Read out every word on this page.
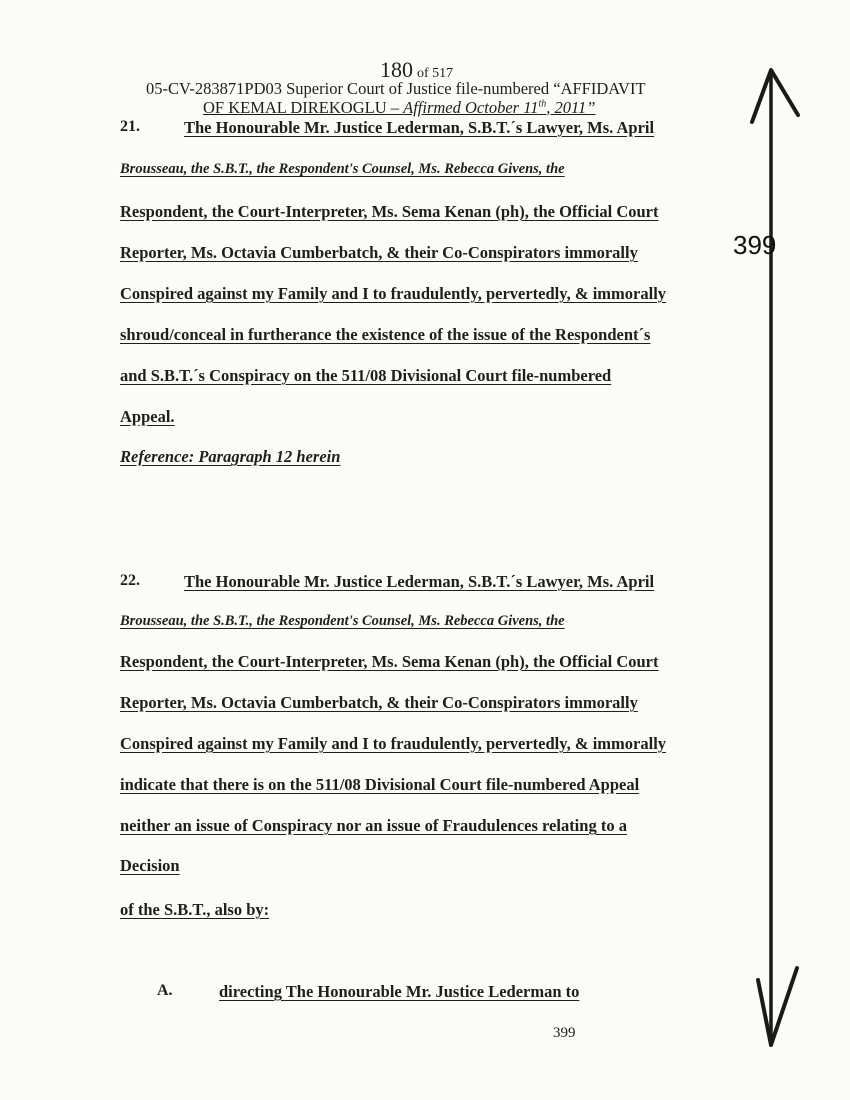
180 of 517
05-CV-283871PD03 Superior Court of Justice file-numbered “AFFIDAVIT
OF KEMAL DIREKOGLU – Affirmed October 11th, 2011”
21.	The Honourable Mr. Justice Lederman, S.B.T.´s Lawyer, Ms. April
Brousseau, the S.B.T., the Respondent's Counsel, Ms. Rebecca Givens, the
Respondent, the Court-Interpreter, Ms. Sema Kenan (ph), the Official Court
Reporter, Ms. Octavia Cumberbatch, & their Co-Conspirators immorally
Conspired against my Family and I to fraudulently, pervertedly, & immorally
shroud/conceal in furtherance the existence of the issue of the Respondent´s
and S.B.T.´s Conspiracy on the 511/08 Divisional Court file-numbered
Appeal.
Reference: Paragraph 12 herein
22.	The Honourable Mr. Justice Lederman, S.B.T.´s Lawyer, Ms. April
Brousseau, the S.B.T., the Respondent's Counsel, Ms. Rebecca Givens, the
Respondent, the Court-Interpreter, Ms. Sema Kenan (ph), the Official Court
Reporter, Ms. Octavia Cumberbatch, & their Co-Conspirators immorally
Conspired against my Family and I to fraudulently, pervertedly, & immorally
indicate that there is on the 511/08 Divisional Court file-numbered Appeal
neither an issue of Conspiracy nor an issue of Fraudulences relating to a
Decision
of the S.B.T., also by:
A.	directing The Honourable Mr. Justice Lederman to
399
399
